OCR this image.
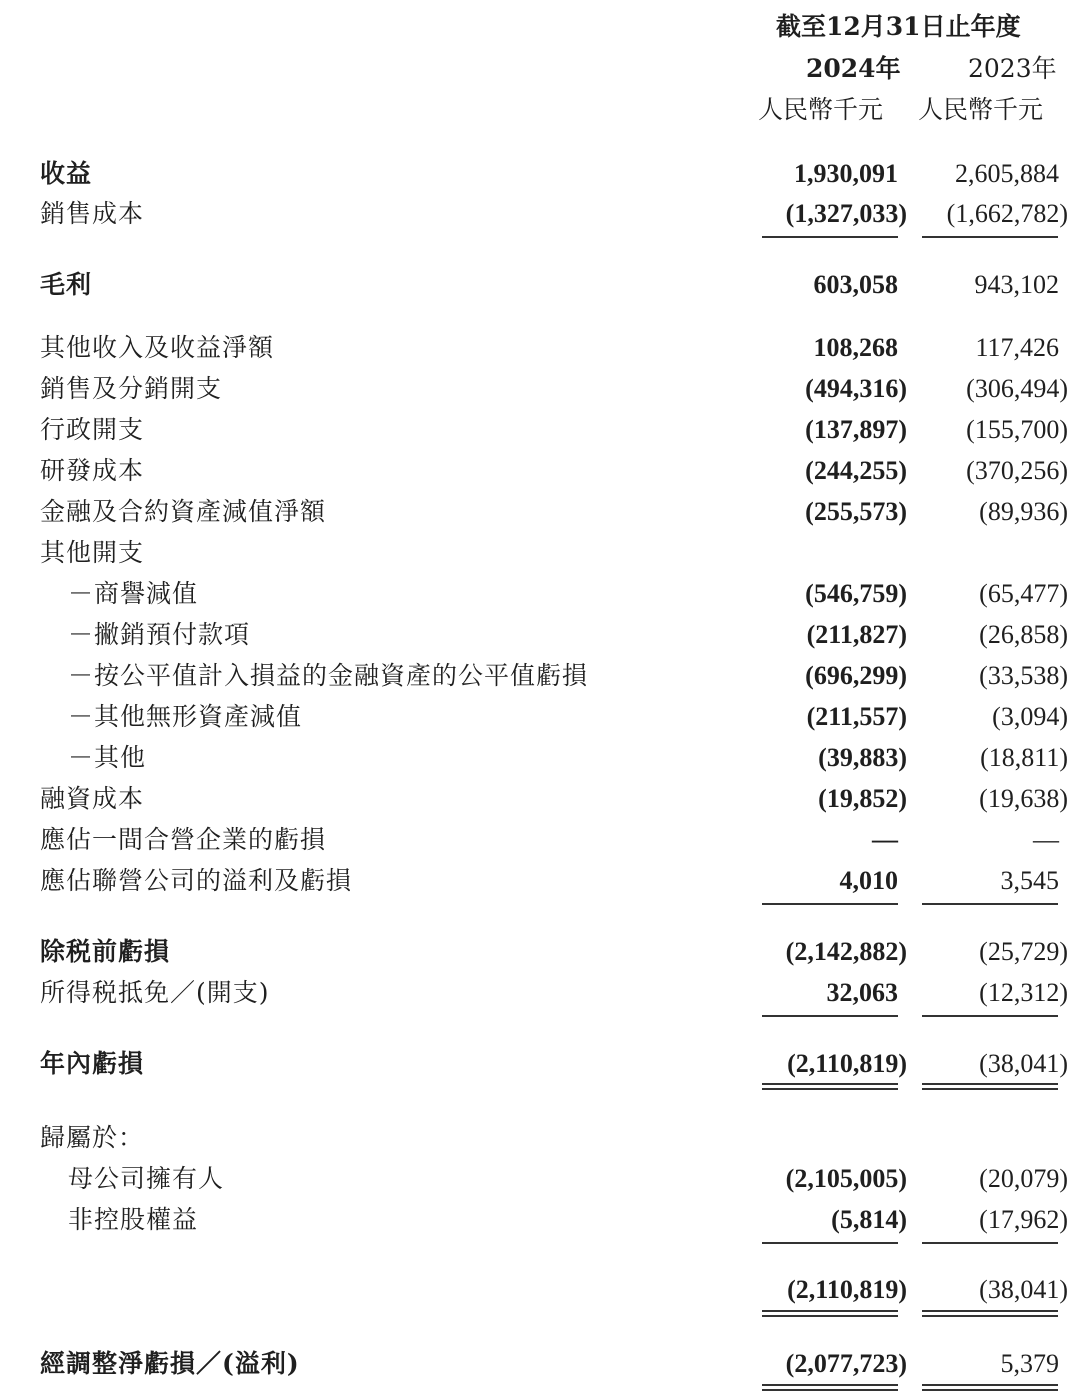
截至12月31日止年度
2024年	2023年
人民幣千元 人民幣千元
收益	1,930,091 2,605,884
銷售成本	(1,327,033) (1,662,782)
毛利	603,058	943,102
其他收入及收益淨額	108,268	117,426
銷售及分銷開支	(494,316) (306,494)
行政開支	(137,897) (155,700)
研發成本	(244,255) (370,256)
金融及合約資產減值淨額	(255,573)	(89,936)
其他開支
－商譽減值	(546,759)	(65,477)
－撇銷預付款項	(211,827)	(26,858)
－按公平值計入損益的金融資產的公平值虧損	(696,299)	(33,538)
－其他無形資產減值	(211,557)	(3,094)
－其他	(39,883)	(18,811)
融資成本	(19,852)	(19,638)
應佔一間合營企業的虧損	—	—
應佔聯營公司的溢利及虧損	4,010	3,545
除税前虧損	(2,142,882)	(25,729)
所得税抵免／(開支)	32,063	(12,312)
年內虧損	(2,110,819)	(38,041)
歸屬於：
母公司擁有人	(2,105,005)	(20,079)
非控股權益	(5,814)	(17,962)
(2,110,819)	(38,041)
經調整淨虧損／(溢利)	(2,077,723)	5,379
